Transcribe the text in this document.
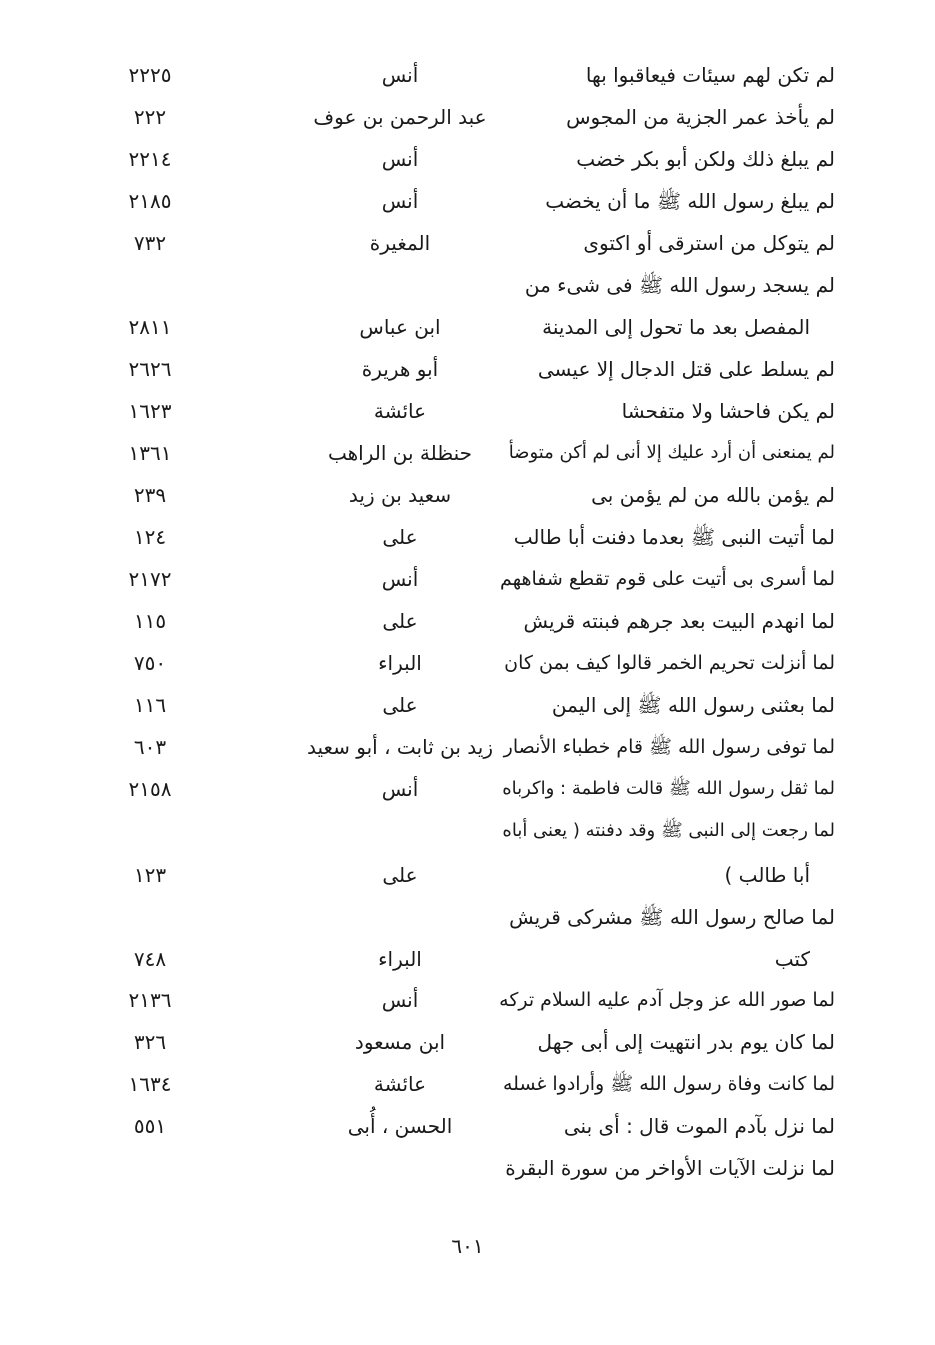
لم تكن لهم سيئات فيعاقبوا بها
أنس
٢٢٢٥
لم يأخذ عمر الجزية من المجوس
عبد الرحمن بن عوف
٢٢٢
لم يبلغ ذلك ولكن أبو بكر خضب
أنس
٢٢١٤
لم يبلغ رسول الله ﷺ ما أن يخضب
أنس
٢١٨٥
لم يتوكل من استرقى أو اكتوى
المغيرة
٧٣٢
لم يسجد رسول الله ﷺ فى شىء من
المفصل بعد ما تحول إلى المدينة
ابن عباس
٢٨١١
لم يسلط على قتل الدجال إلا عيسى
أبو هريرة
٢٦٢٦
لم يكن فاحشا ولا متفحشا
عائشة
١٦٢٣
لم يمنعنى أن أرد عليك إلا أنى لم أكن متوضأ
حنظلة بن الراهب
١٣٦١
لم يؤمن بالله من لم يؤمن بى
سعيد بن زيد
٢٣٩
لما أتيت النبى ﷺ بعدما دفنت أبا طالب
على
١٢٤
لما أسرى بى أتيت على قوم تقطع شفاههم
أنس
٢١٧٢
لما انهدم البيت بعد جرهم فبنته قريش
على
١١٥
لما أنزلت تحريم الخمر قالوا كيف بمن كان
البراء
٧٥٠
لما بعثنى رسول الله ﷺ إلى اليمن
على
١١٦
لما توفى رسول الله ﷺ قام خطباء الأنصار
زيد بن ثابت ، أبو سعيد
٦٠٣
لما ثقل رسول الله ﷺ قالت فاطمة : واكرباه
أنس
٢١٥٨
لما رجعت إلى النبى ﷺ وقد دفنته ( يعنى أباه
أبا طالب )
على
١٢٣
لما صالح رسول الله ﷺ مشركى قريش
كتب
البراء
٧٤٨
لما صور الله عز وجل آدم عليه السلام تركه
أنس
٢١٣٦
لما كان يوم بدر انتهيت إلى أبى جهل
ابن مسعود
٣٢٦
لما كانت وفاة رسول الله ﷺ وأرادوا غسله
عائشة
١٦٣٤
لما نزل بآدم الموت قال : أى بنى
الحسن ، أُبى
٥٥١
لما نزلت الآيات الأواخر من سورة البقرة
٦٠١
